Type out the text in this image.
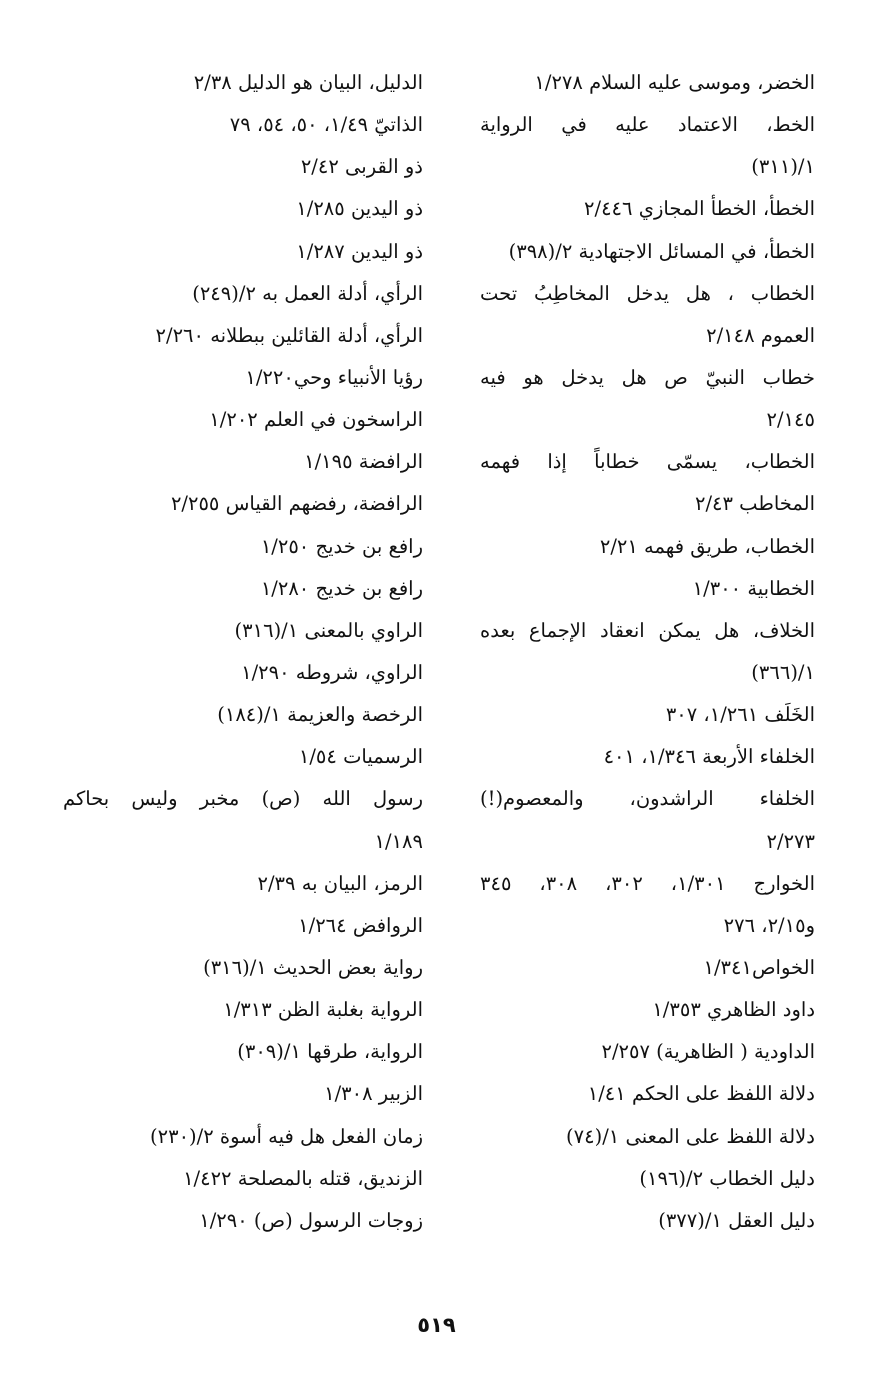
الخضر، وموسى عليه السلام ١/٢٧٨
الخط، الاعتماد عليه في الرواية
١/(٣١١)
الخطأ، الخطأ المجازي ٢/٤٤٦
الخطأ، في المسائل الاجتهادية ٢/(٣٩٨)
الخطاب ، هل يدخل المخاطِبُ تحت
العموم ٢/١٤٨
خطاب النبيّ ص هل يدخل هو فيه
٢/١٤٥
الخطاب، يسمّى خطاباً إذا فهمه
المخاطب ٢/٤٣
الخطاب، طريق فهمه ٢/٢١
الخطابية ١/٣٠٠
الخلاف، هل يمكن انعقاد الإجماع بعده
١/(٣٦٦)
الخَلَف ١/٢٦١، ٣٠٧
الخلفاء الأربعة ١/٣٤٦، ٤٠١
الخلفاء الراشدون، والمعصوم(!)
٢/٢٧٣
الخوارج ١/٣٠١، ٣٠٢، ٣٠٨، ٣٤٥
و٢/١٥، ٢٧٦
الخواص١/٣٤١
داود الظاهري ١/٣٥٣
الداودية ( الظاهرية) ٢/٢٥٧
دلالة اللفظ على الحكم ١/٤١
دلالة اللفظ على المعنى ١/(٧٤)
دليل الخطاب ٢/(١٩٦)
دليل العقل ١/(٣٧٧)
الدليل، البيان هو الدليل ٢/٣٨
الذاتيّ ١/٤٩، ٥٠، ٥٤، ٧٩
ذو القربى ٢/٤٢
ذو اليدين ١/٢٨٥
ذو اليدين ١/٢٨٧
الرأي، أدلة العمل به ٢/(٢٤٩)
الرأي، أدلة القائلين ببطلانه ٢/٢٦٠
رؤيا الأنبياء وحي١/٢٢٠
الراسخون في العلم ١/٢٠٢
الرافضة ١/١٩٥
الرافضة، رفضهم القياس ٢/٢٥٥
رافع بن خديج ١/٢٥٠
رافع بن خديج ١/٢٨٠
الراوي بالمعنى ١/(٣١٦)
الراوي، شروطه ١/٢٩٠
الرخصة والعزيمة ١/(١٨٤)
الرسميات ١/٥٤
رسول الله (ص) مخبر وليس بحاكم
١/١٨٩
الرمز، البيان به ٢/٣٩
الروافض ١/٢٦٤
رواية بعض الحديث ١/(٣١٦)
الرواية بغلبة الظن ١/٣١٣
الرواية، طرقها ١/(٣٠٩)
الزبير ١/٣٠٨
زمان الفعل هل فيه أسوة ٢/(٢٣٠)
الزنديق، قتله بالمصلحة ١/٤٢٢
زوجات الرسول (ص) ١/٢٩٠
٥١٩
